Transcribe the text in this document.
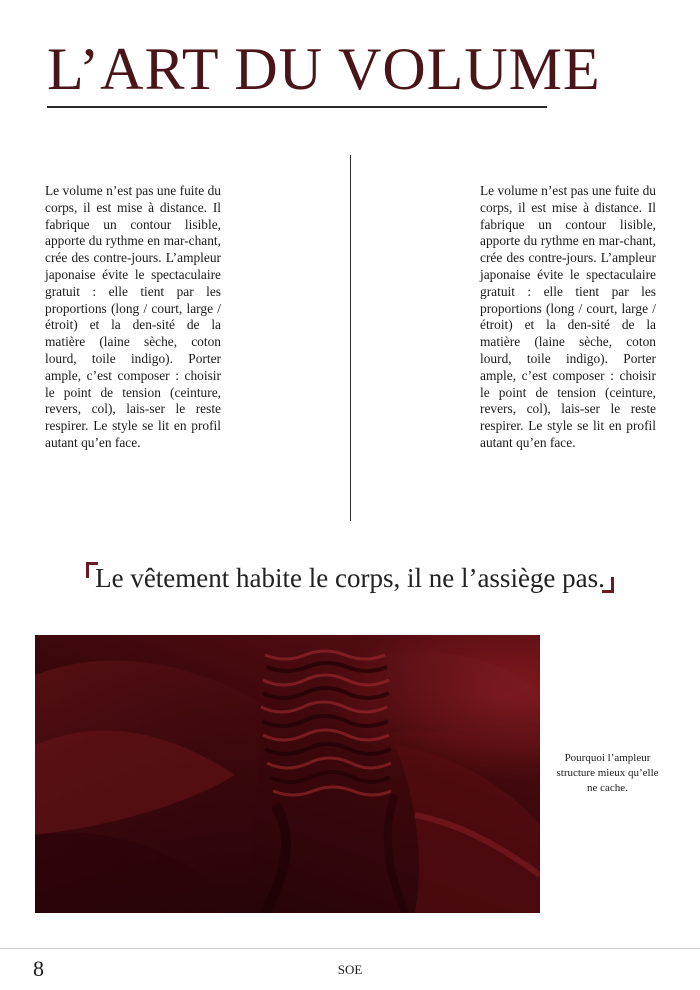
L’ART DU VOLUME
Le volume n’est pas une fuite du corps, il est mise à distance. Il fabrique un contour lisible, apporte du rythme en mar-chant, crée des contre-jours. L’ampleur japonaise évite le spectaculaire gratuit : elle tient par les proportions (long / court, large / étroit) et la den-sité de la matière (laine sèche, coton lourd, toile indigo). Porter ample, c’est composer : choisir le point de tension (ceinture, revers, col), lais-ser le reste respirer. Le style se lit en profil autant qu’en face.
Le volume n’est pas une fuite du corps, il est mise à distance. Il fabrique un contour lisible, apporte du rythme en mar-chant, crée des contre-jours. L’ampleur japonaise évite le spectaculaire gratuit : elle tient par les proportions (long / court, large / étroit) et la den-sité de la matière (laine sèche, coton lourd, toile indigo). Porter ample, c’est composer : choisir le point de tension (ceinture, revers, col), lais-ser le reste respirer. Le style se lit en profil autant qu’en face.
Le vêtement habite le corps, il ne l’assiège pas.
Pourquoi l’ampleur structure mieux qu’elle ne cache.
8	SOE
